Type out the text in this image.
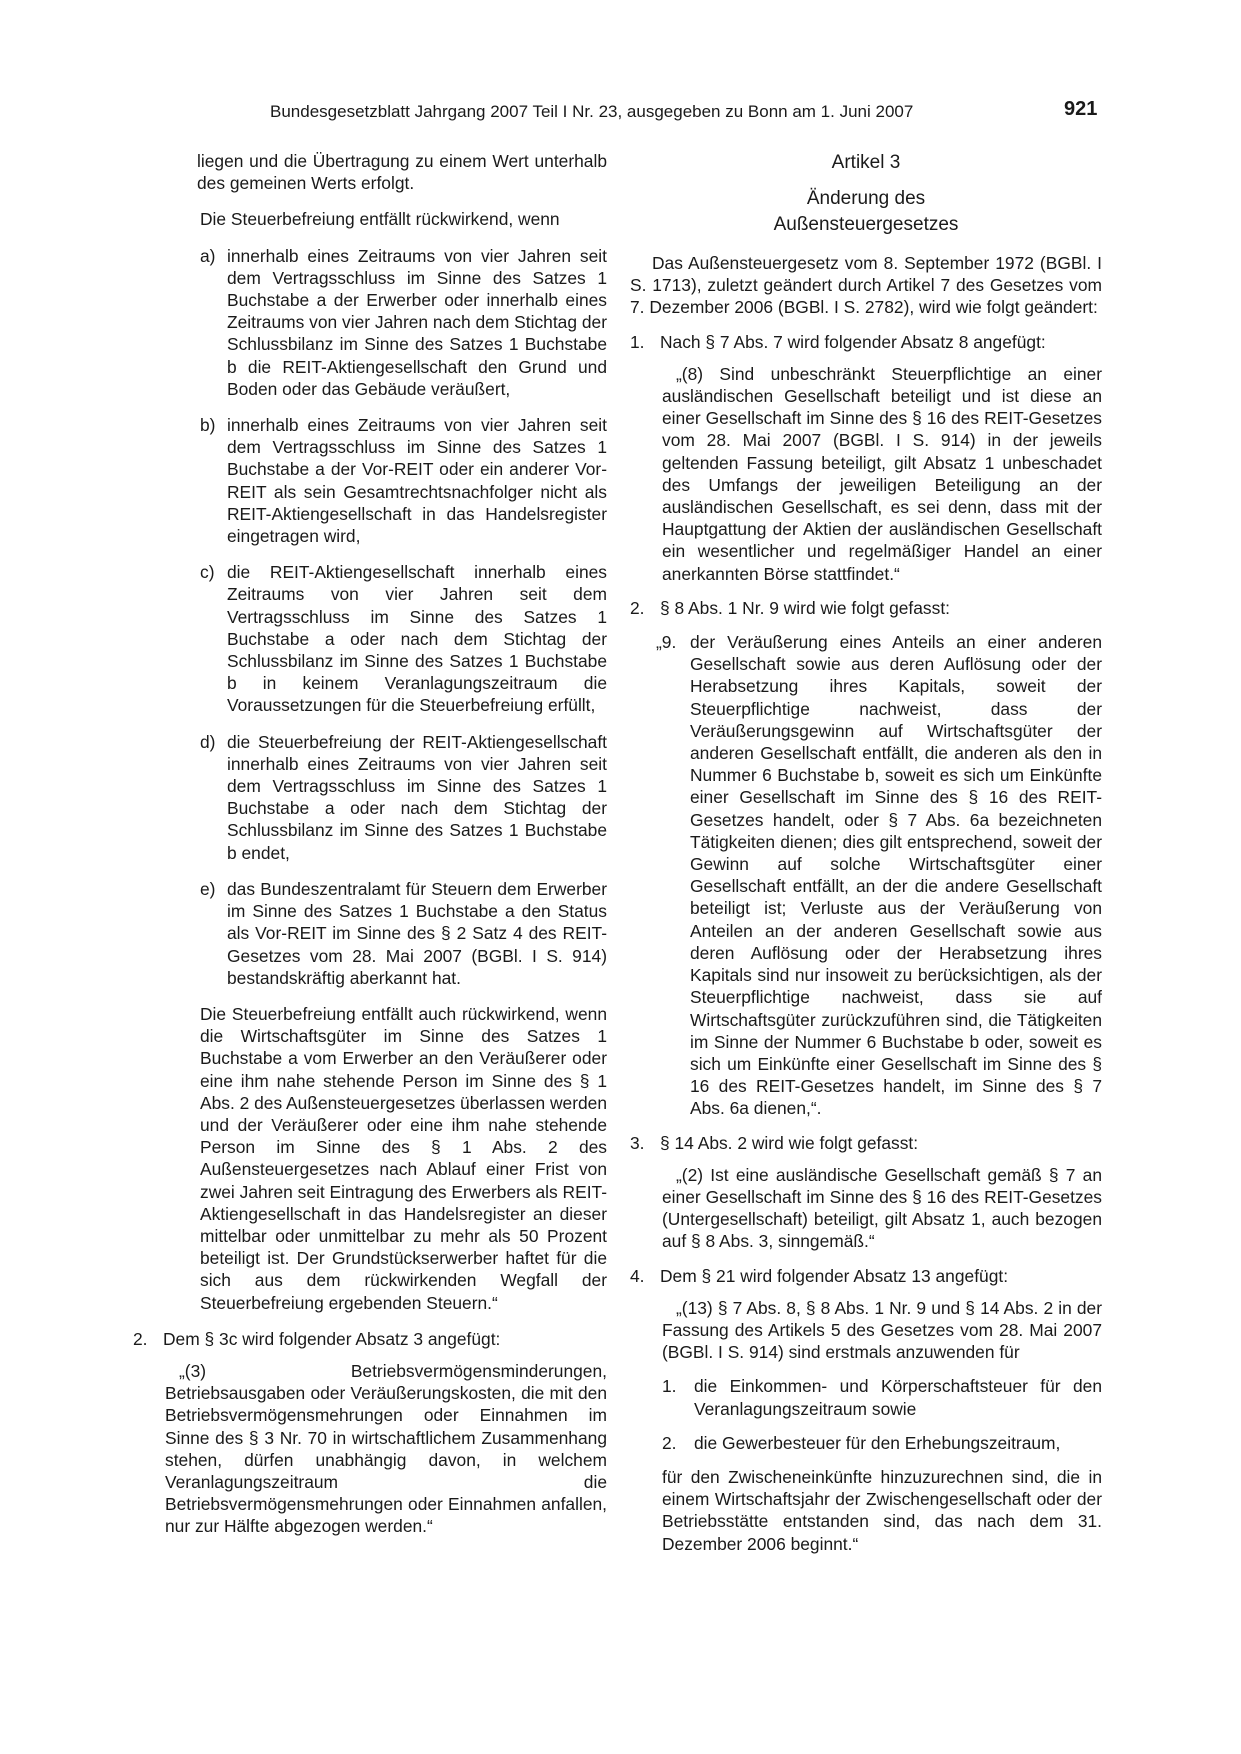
Bundesgesetzblatt Jahrgang 2007 Teil I Nr. 23, ausgegeben zu Bonn am 1. Juni 2007	921

liegen und die Übertragung zu einem Wert unterhalb des gemeinen Werts erfolgt.

Die Steuerbefreiung entfällt rückwirkend, wenn

a) innerhalb eines Zeitraums von vier Jahren seit dem Vertragsschluss im Sinne des Satzes 1 Buchstabe a der Erwerber oder innerhalb eines Zeitraums von vier Jahren nach dem Stichtag der Schlussbilanz im Sinne des Satzes 1 Buchstabe b die REIT-Aktiengesellschaft den Grund und Boden oder das Gebäude veräußert,
b) innerhalb eines Zeitraums von vier Jahren seit dem Vertragsschluss im Sinne des Satzes 1 Buchstabe a der Vor-REIT oder ein anderer Vor-REIT als sein Gesamtrechtsnachfolger nicht als REIT-Aktiengesellschaft in das Handelsregister eingetragen wird,
c) die REIT-Aktiengesellschaft innerhalb eines Zeitraums von vier Jahren seit dem Vertragsschluss im Sinne des Satzes 1 Buchstabe a oder nach dem Stichtag der Schlussbilanz im Sinne des Satzes 1 Buchstabe b in keinem Veranlagungszeitraum die Voraussetzungen für die Steuerbefreiung erfüllt,
d) die Steuerbefreiung der REIT-Aktiengesellschaft innerhalb eines Zeitraums von vier Jahren seit dem Vertragsschluss im Sinne des Satzes 1 Buchstabe a oder nach dem Stichtag der Schlussbilanz im Sinne des Satzes 1 Buchstabe b endet,
e) das Bundeszentralamt für Steuern dem Erwerber im Sinne des Satzes 1 Buchstabe a den Status als Vor-REIT im Sinne des § 2 Satz 4 des REIT-Gesetzes vom 28. Mai 2007 (BGBl. I S. 914) bestandskräftig aberkannt hat.

Die Steuerbefreiung entfällt auch rückwirkend, wenn die Wirtschaftsgüter im Sinne des Satzes 1 Buchstabe a vom Erwerber an den Veräußerer oder eine ihm nahe stehende Person im Sinne des § 1 Abs. 2 des Außensteuergesetzes überlassen werden und der Veräußerer oder eine ihm nahe stehende Person im Sinne des § 1 Abs. 2 des Außensteuergesetzes nach Ablauf einer Frist von zwei Jahren seit Eintragung des Erwerbers als REIT-Aktiengesellschaft in das Handelsregister an dieser mittelbar oder unmittelbar zu mehr als 50 Prozent beteiligt ist. Der Grundstückserwerber haftet für die sich aus dem rückwirkenden Wegfall der Steuerbefreiung ergebenden Steuern.“

2. Dem § 3c wird folgender Absatz 3 angefügt:

„(3) Betriebsvermögensminderungen, Betriebsausgaben oder Veräußerungskosten, die mit den Betriebsvermögensmehrungen oder Einnahmen im Sinne des § 3 Nr. 70 in wirtschaftlichem Zusammenhang stehen, dürfen unabhängig davon, in welchem Veranlagungszeitraum die Betriebsvermögensmehrungen oder Einnahmen anfallen, nur zur Hälfte abgezogen werden.“

Artikel 3

Änderung des

Außensteuergesetzes

Das Außensteuergesetz vom 8. September 1972 (BGBl. I S. 1713), zuletzt geändert durch Artikel 7 des Gesetzes vom 7. Dezember 2006 (BGBl. I S. 2782), wird wie folgt geändert:

1. Nach § 7 Abs. 7 wird folgender Absatz 8 angefügt:

„(8) Sind unbeschränkt Steuerpflichtige an einer ausländischen Gesellschaft beteiligt und ist diese an einer Gesellschaft im Sinne des § 16 des REIT-Gesetzes vom 28. Mai 2007 (BGBl. I S. 914) in der jeweils geltenden Fassung beteiligt, gilt Absatz 1 unbeschadet des Umfangs der jeweiligen Beteiligung an der ausländischen Gesellschaft, es sei denn, dass mit der Hauptgattung der Aktien der ausländischen Gesellschaft ein wesentlicher und regelmäßiger Handel an einer anerkannten Börse stattfindet.“

2. § 8 Abs. 1 Nr. 9 wird wie folgt gefasst:
„9. der Veräußerung eines Anteils an einer anderen Gesellschaft sowie aus deren Auflösung oder der Herabsetzung ihres Kapitals, soweit der Steuerpflichtige nachweist, dass der Veräußerungsgewinn auf Wirtschaftsgüter der anderen Gesellschaft entfällt, die anderen als den in Nummer 6 Buchstabe b, soweit es sich um Einkünfte einer Gesellschaft im Sinne des § 16 des REIT-Gesetzes handelt, oder § 7 Abs. 6a bezeichneten Tätigkeiten dienen; dies gilt entsprechend, soweit der Gewinn auf solche Wirtschaftsgüter einer Gesellschaft entfällt, an der die andere Gesellschaft beteiligt ist; Verluste aus der Veräußerung von Anteilen an der anderen Gesellschaft sowie aus deren Auflösung oder der Herabsetzung ihres Kapitals sind nur insoweit zu berücksichtigen, als der Steuerpflichtige nachweist, dass sie auf Wirtschaftsgüter zurückzuführen sind, die Tätigkeiten im Sinne der Nummer 6 Buchstabe b oder, soweit es sich um Einkünfte einer Gesellschaft im Sinne des § 16 des REIT-Gesetzes handelt, im Sinne des § 7 Abs. 6a dienen,“.
3. § 14 Abs. 2 wird wie folgt gefasst:

„(2) Ist eine ausländische Gesellschaft gemäß § 7 an einer Gesellschaft im Sinne des § 16 des REIT-Gesetzes (Untergesellschaft) beteiligt, gilt Absatz 1, auch bezogen auf § 8 Abs. 3, sinngemäß.“

4. Dem § 21 wird folgender Absatz 13 angefügt:

„(13) § 7 Abs. 8, § 8 Abs. 1 Nr. 9 und § 14 Abs. 2 in der Fassung des Artikels 5 des Gesetzes vom 28. Mai 2007 (BGBl. I S. 914) sind erstmals anzuwenden für

1. die Einkommen- und Körperschaftsteuer für den Veranlagungszeitraum sowie
2. die Gewerbesteuer für den Erhebungszeitraum,

für den Zwischeneinkünfte hinzuzurechnen sind, die in einem Wirtschaftsjahr der Zwischengesellschaft oder der Betriebsstätte entstanden sind, das nach dem 31. Dezember 2006 beginnt.“
